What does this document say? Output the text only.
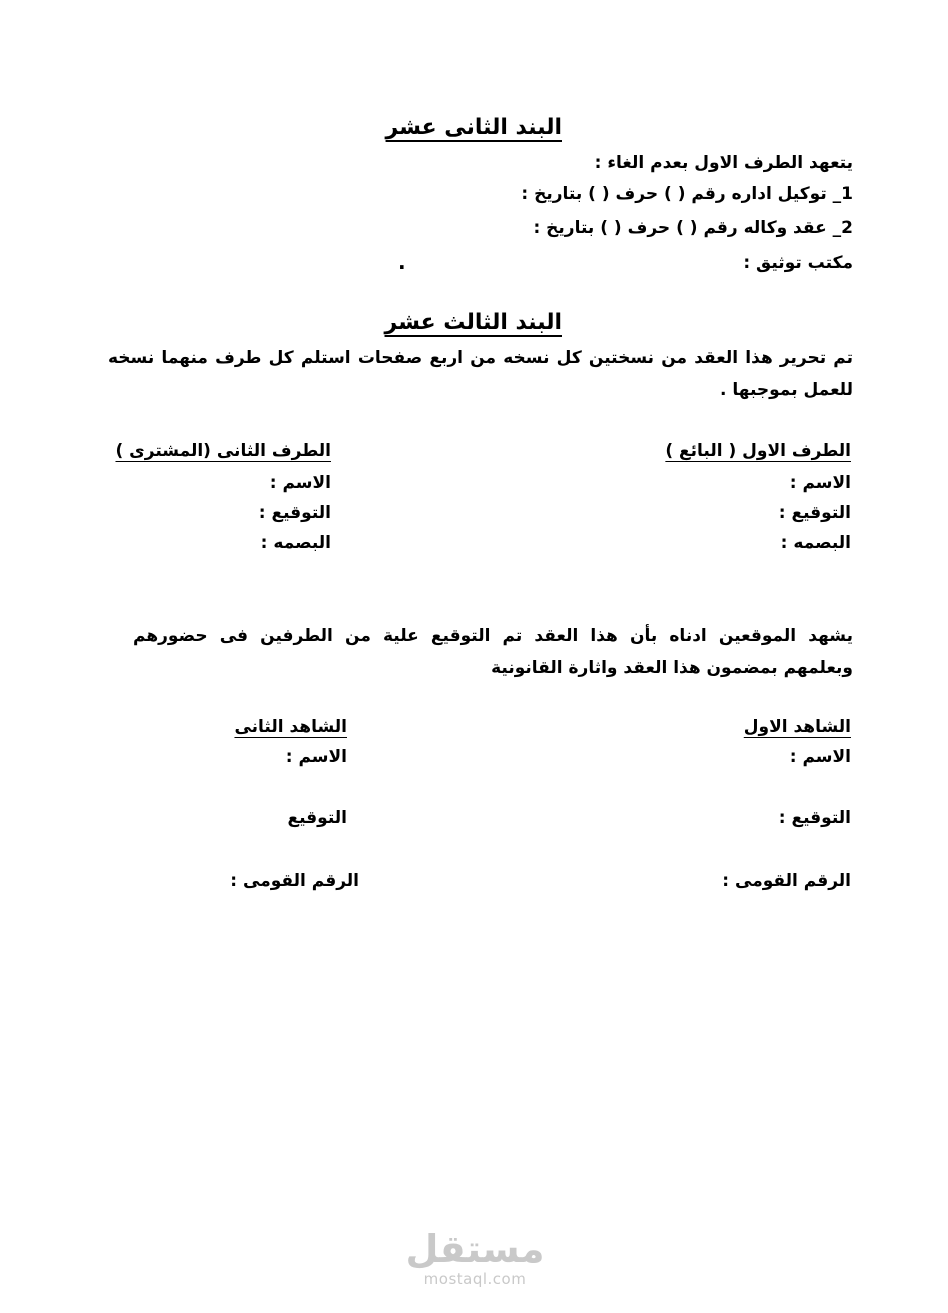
البند الثانى عشر
يتعهد الطرف الاول بعدم الغاء :
1_ توكيل اداره رقم ( ) حرف ( ) بتاريخ :
2_ عقد وكاله رقم ( ) حرف ( ) بتاريخ :
مكتب توثيق :
.
البند الثالث عشر
تم تحرير هذا العقد من نسختين كل نسخه من اربع صفحات استلم كل طرف منهما نسخه للعمل بموجبها .
الطرف الاول ( البائع )
الاسم :
التوقيع :
البصمه :
الطرف الثانى (المشترى )
الاسم :
التوقيع :
البصمه :
يشهد الموقعين ادناه بأن هذا العقد تم التوقيع علية من الطرفين فى حضورهم وبعلمهم بمضمون هذا العقد واثارة القانونية
الشاهد الاول
الاسم :
التوقيع :
الرقم القومى :
الشاهد الثانى
الاسم :
التوقيع
الرقم القومى :
مستقل
mostaql.com
